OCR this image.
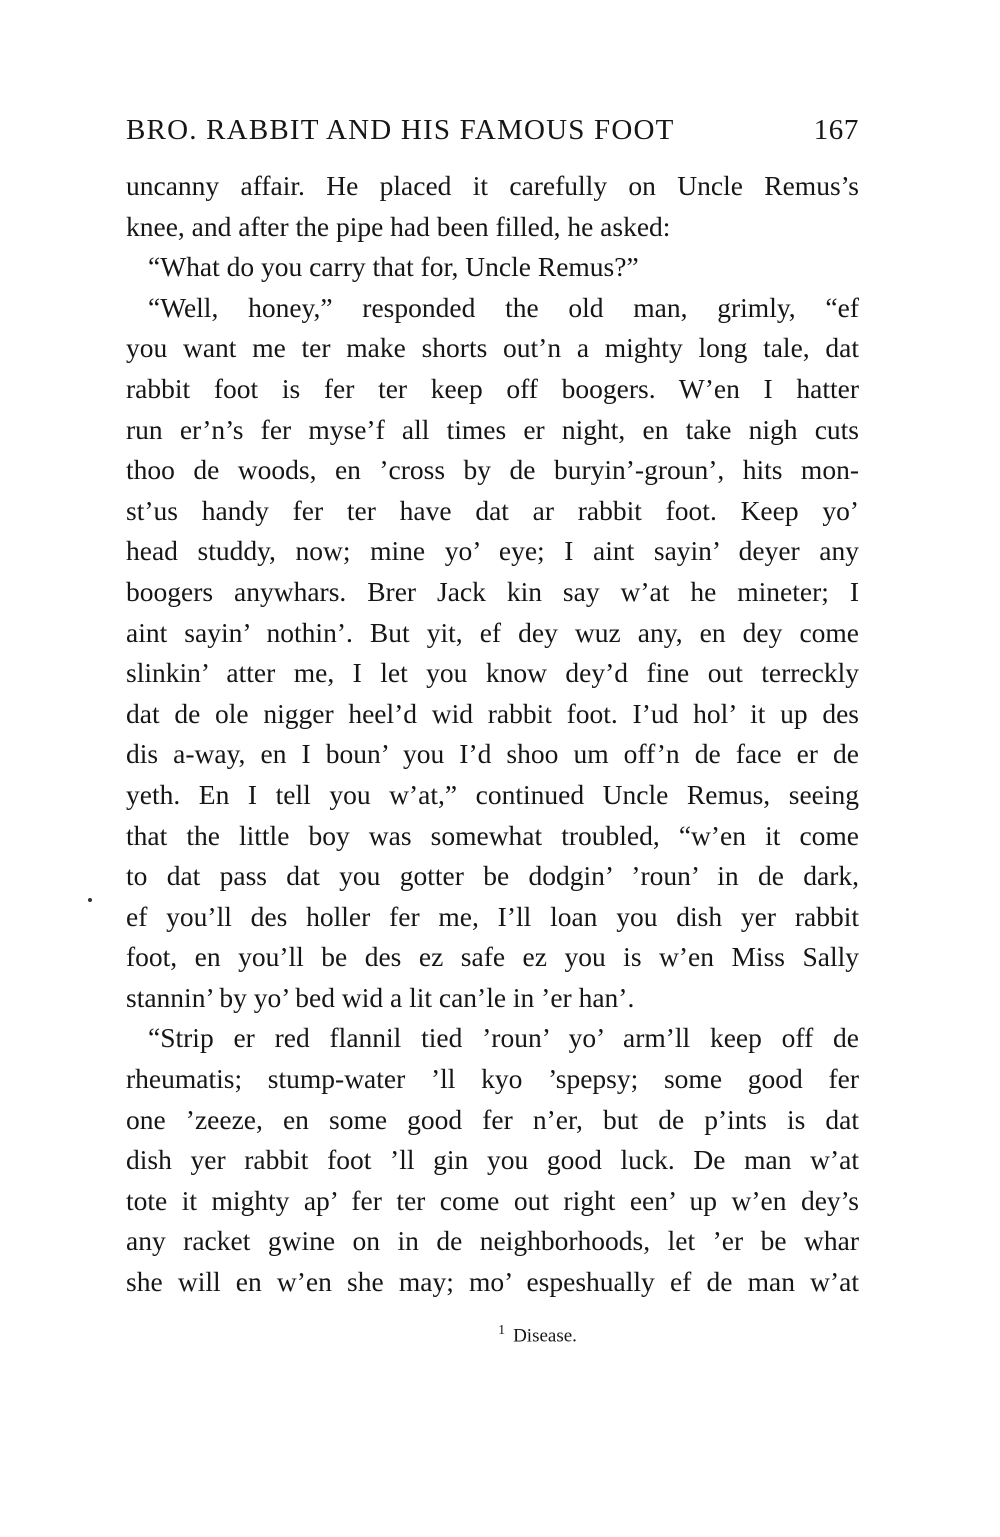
BRO. RABBIT AND HIS FAMOUS FOOT	167
uncanny affair. He placed it carefully on Uncle Remus’s
knee, and after the pipe had been filled, he asked:
“What do you carry that for, Uncle Remus?”
“Well, honey,” responded the old man, grimly, “ef
you want me ter make shorts out’n a mighty long tale, dat
rabbit foot is fer ter keep off boogers. W’en I hatter
run er’n’s fer myse’f all times er night, en take nigh cuts
thoo de woods, en ’cross by de buryin’-groun’, hits mon-
st’us handy fer ter have dat ar rabbit foot. Keep yo’
head studdy, now; mine yo’ eye; I aint sayin’ deyer any
boogers anywhars. Brer Jack kin say w’at he mineter; I
aint sayin’ nothin’. But yit, ef dey wuz any, en dey come
slinkin’ atter me, I let you know dey’d fine out terreckly
dat de ole nigger heel’d wid rabbit foot. I’ud hol’ it up des
dis a-way, en I boun’ you I’d shoo um off’n de face er de
yeth. En I tell you w’at,” continued Uncle Remus, seeing
that the little boy was somewhat troubled, “w’en it come
to dat pass dat you gotter be dodgin’ ’roun’ in de dark,
ef you’ll des holler fer me, I’ll loan you dish yer rabbit
foot, en you’ll be des ez safe ez you is w’en Miss Sally
stannin’ by yo’ bed wid a lit can’le in ’er han’.
“Strip er red flannil tied ’roun’ yo’ arm’ll keep off de
rheumatis; stump-water ’ll kyo ’spepsy; some good fer
one ’zeeze, en some good fer n’er, but de p’ints is dat
dish yer rabbit foot ’ll gin you good luck. De man w’at
tote it mighty ap’ fer ter come out right een’ up w’en dey’s
any racket gwine on in de neighborhoods, let ’er be whar
she will en w’en she may; mo’ espeshually ef de man w’at
$^1$ Disease.
